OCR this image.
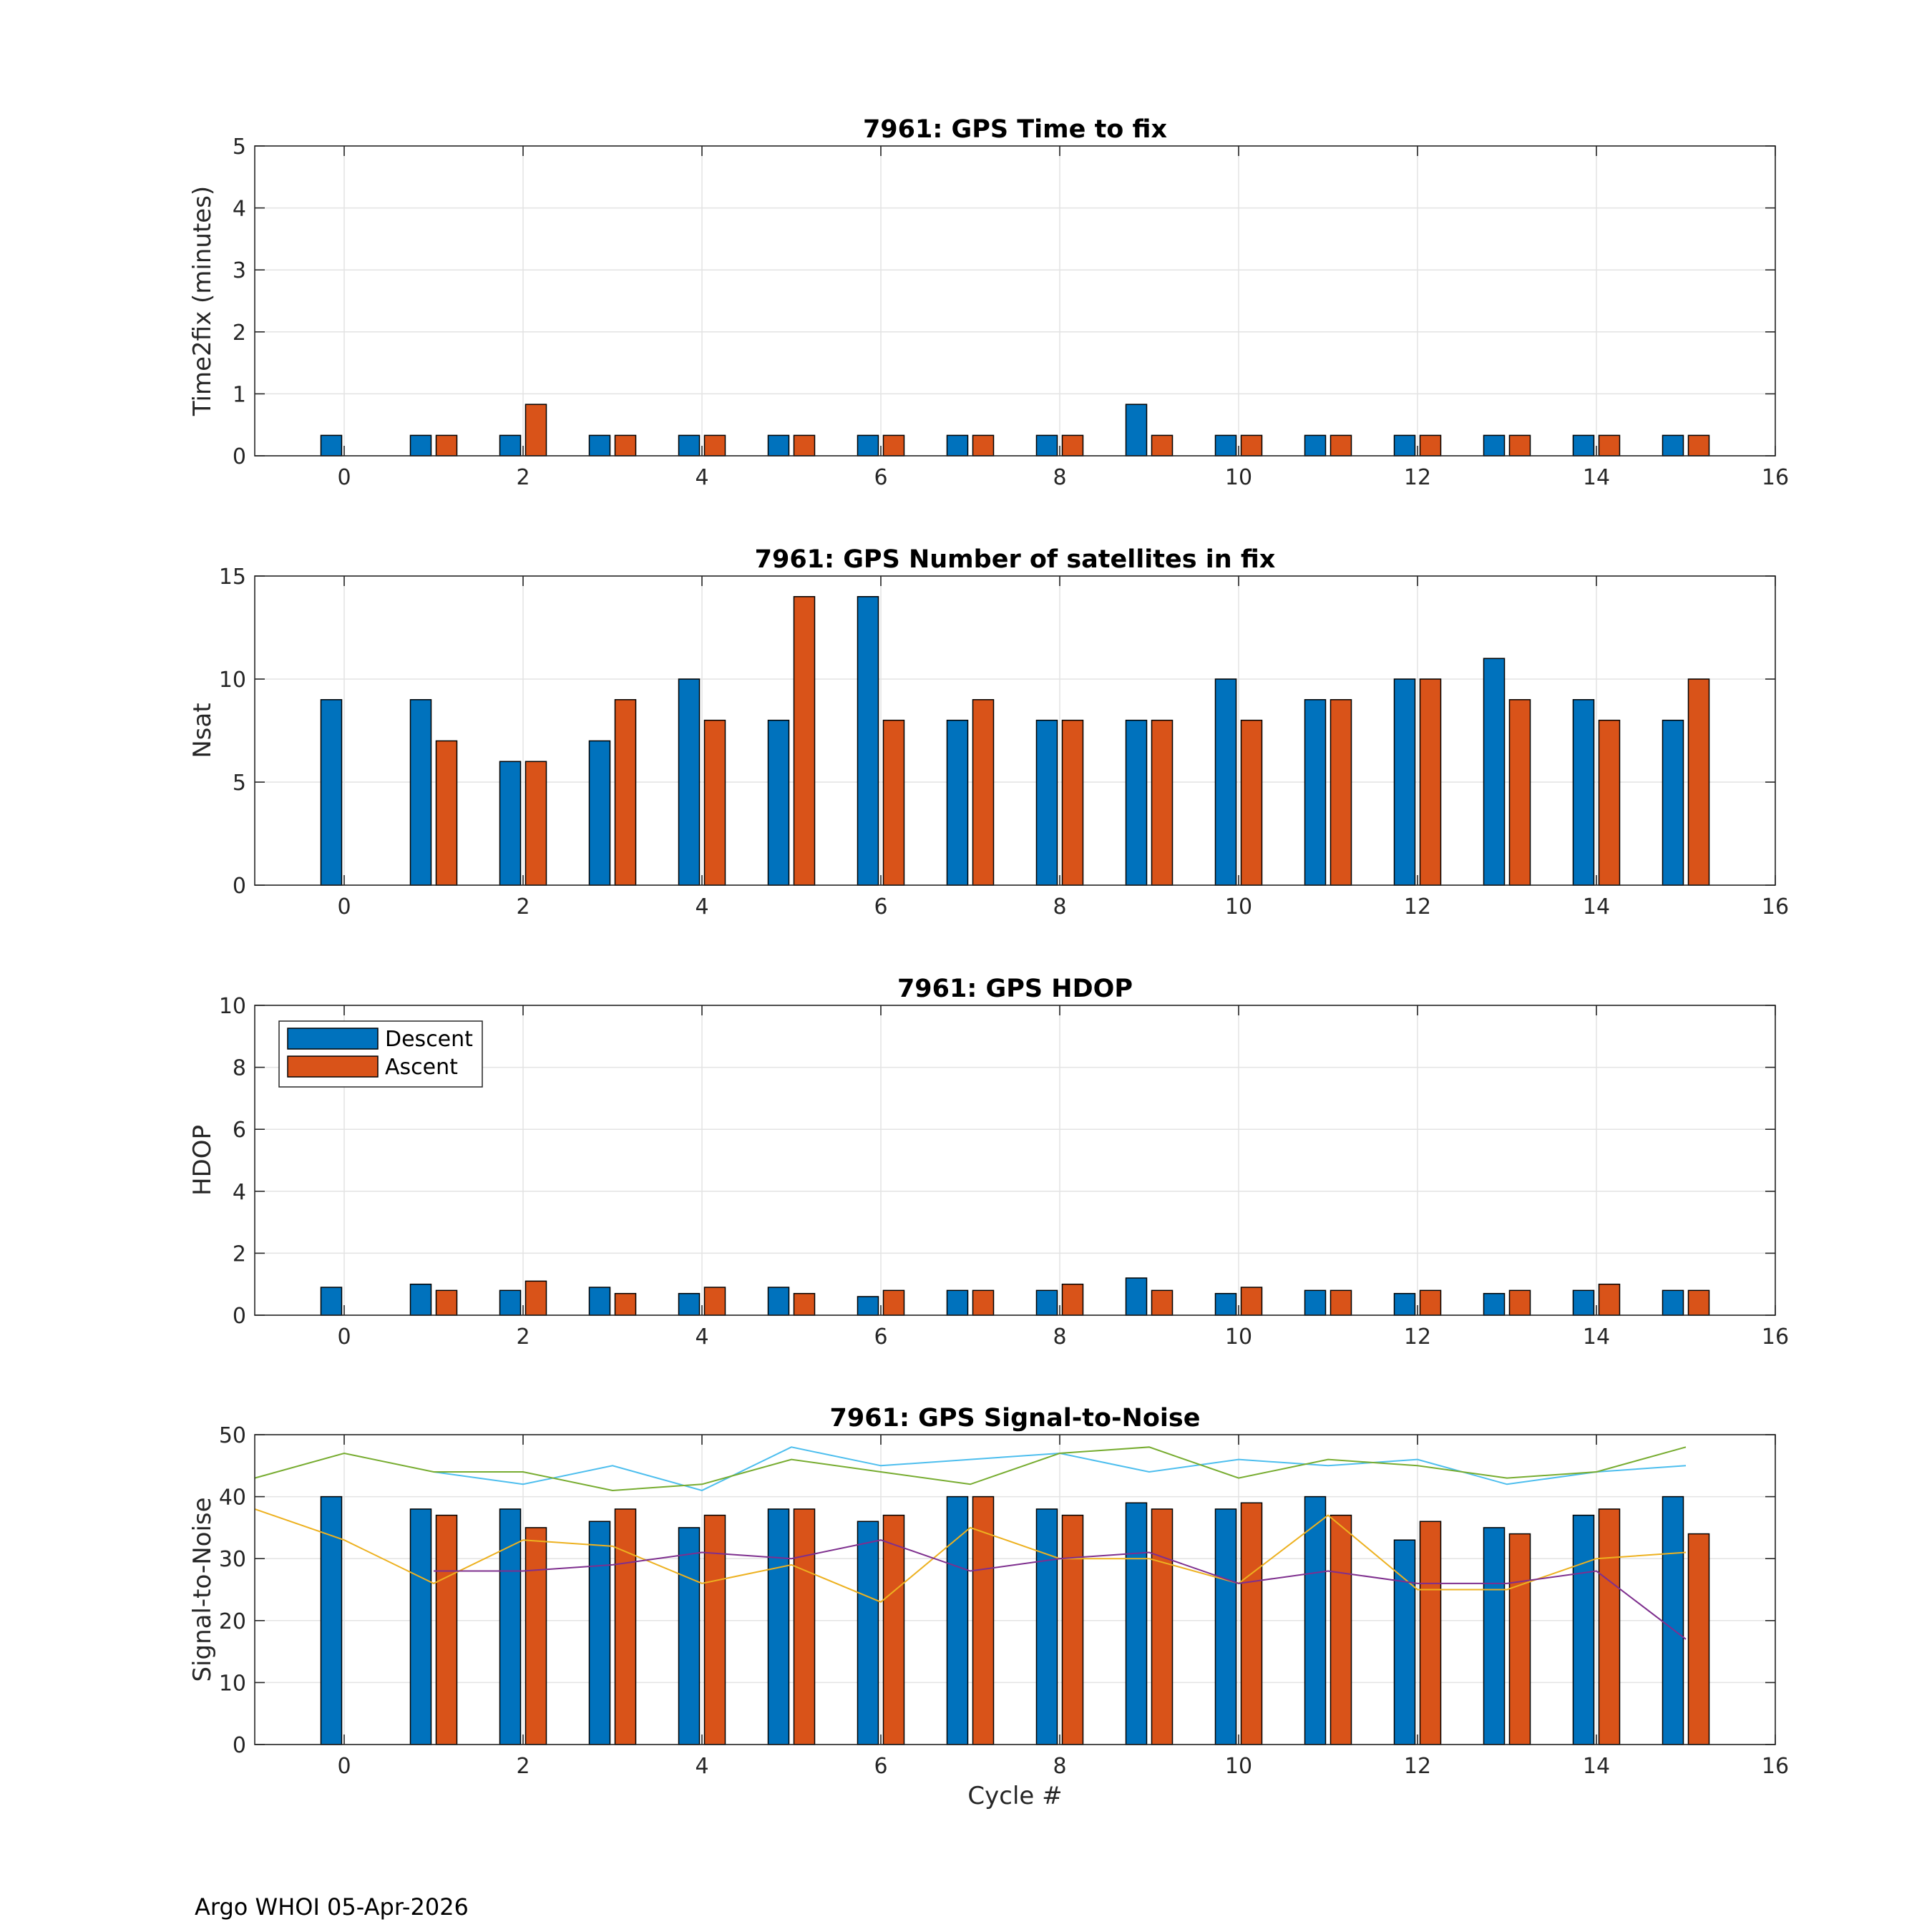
0	2	4	6	8	10	12	14	16
0
1
2
3
4
5
7961: GPS Time to fix
Time2fix (minutes)
0	2	4	6	8	10	12	14	16
0
5
10
15
7961: GPS Number of satellites in fix
Nsat
0	2	4	6	8	10	12	14	16
0
2
4
6
8
10
7961: GPS HDOP
HDOP
Descent
Ascent
0	2	4	6	8	10	12	14	16
0
10
20
30
40
50
7961: GPS Signal-to-Noise
Signal-to-Noise
Cycle #
Argo WHOI 05-Apr-2026
